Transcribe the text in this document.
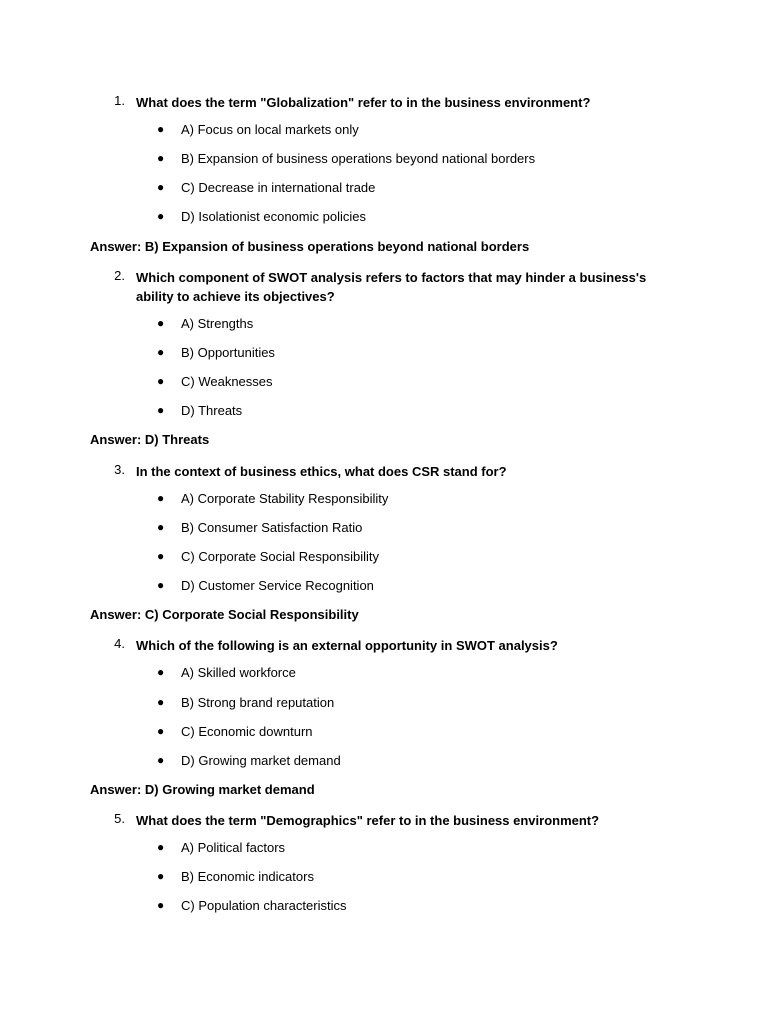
1. What does the term "Globalization" refer to in the business environment?
● A) Focus on local markets only
● B) Expansion of business operations beyond national borders
● C) Decrease in international trade
● D) Isolationist economic policies
Answer: B) Expansion of business operations beyond national borders
2. Which component of SWOT analysis refers to factors that may hinder a business's ability to achieve its objectives?
● A) Strengths
● B) Opportunities
● C) Weaknesses
● D) Threats
Answer: D) Threats
3. In the context of business ethics, what does CSR stand for?
● A) Corporate Stability Responsibility
● B) Consumer Satisfaction Ratio
● C) Corporate Social Responsibility
● D) Customer Service Recognition
Answer: C) Corporate Social Responsibility
4. Which of the following is an external opportunity in SWOT analysis?
● A) Skilled workforce
● B) Strong brand reputation
● C) Economic downturn
● D) Growing market demand
Answer: D) Growing market demand
5. What does the term "Demographics" refer to in the business environment?
● A) Political factors
● B) Economic indicators
● C) Population characteristics
